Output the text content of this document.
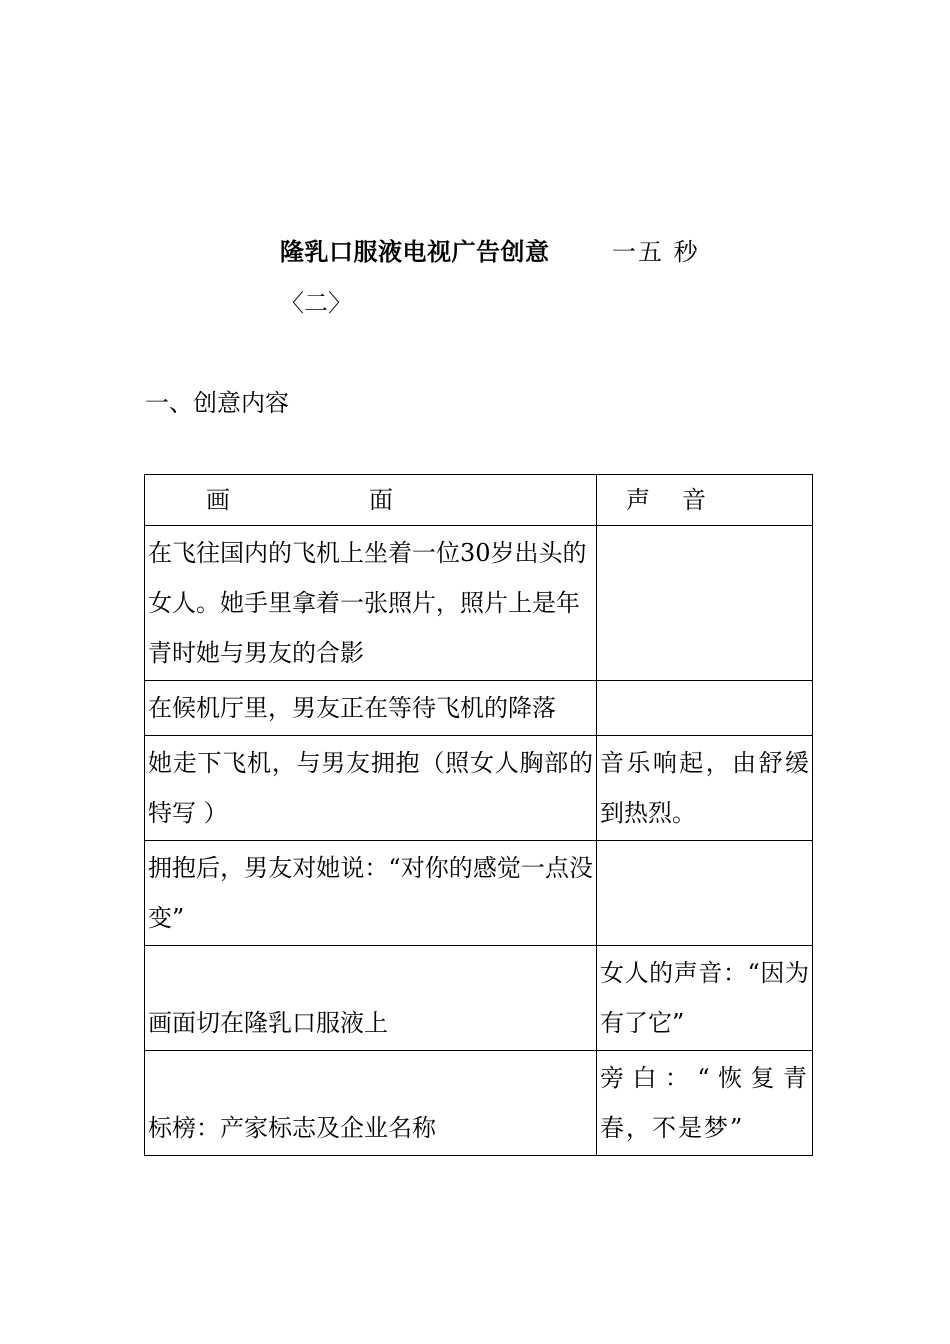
隆乳口服液电视广告创意	一五 秒
〈二〉
一、创意内容
画 面	声音
在飞往国内的飞机上坐着一位30岁出头的女人。她手里拿着一张照片，照片上是年青时她与男友的合影	
在候机厅里，男友正在等待飞机的降落	
她走下飞机，与男友拥抱（照女人胸部的特写 ）	音乐响起，由舒缓到热烈。
拥抱后，男友对她说：“对你的感觉一点没变”	
画面切在隆乳口服液上	女人的声音：“因为有了它”
标榜：产家标志及企业名称	旁白：“恢复青春，不是梦”
